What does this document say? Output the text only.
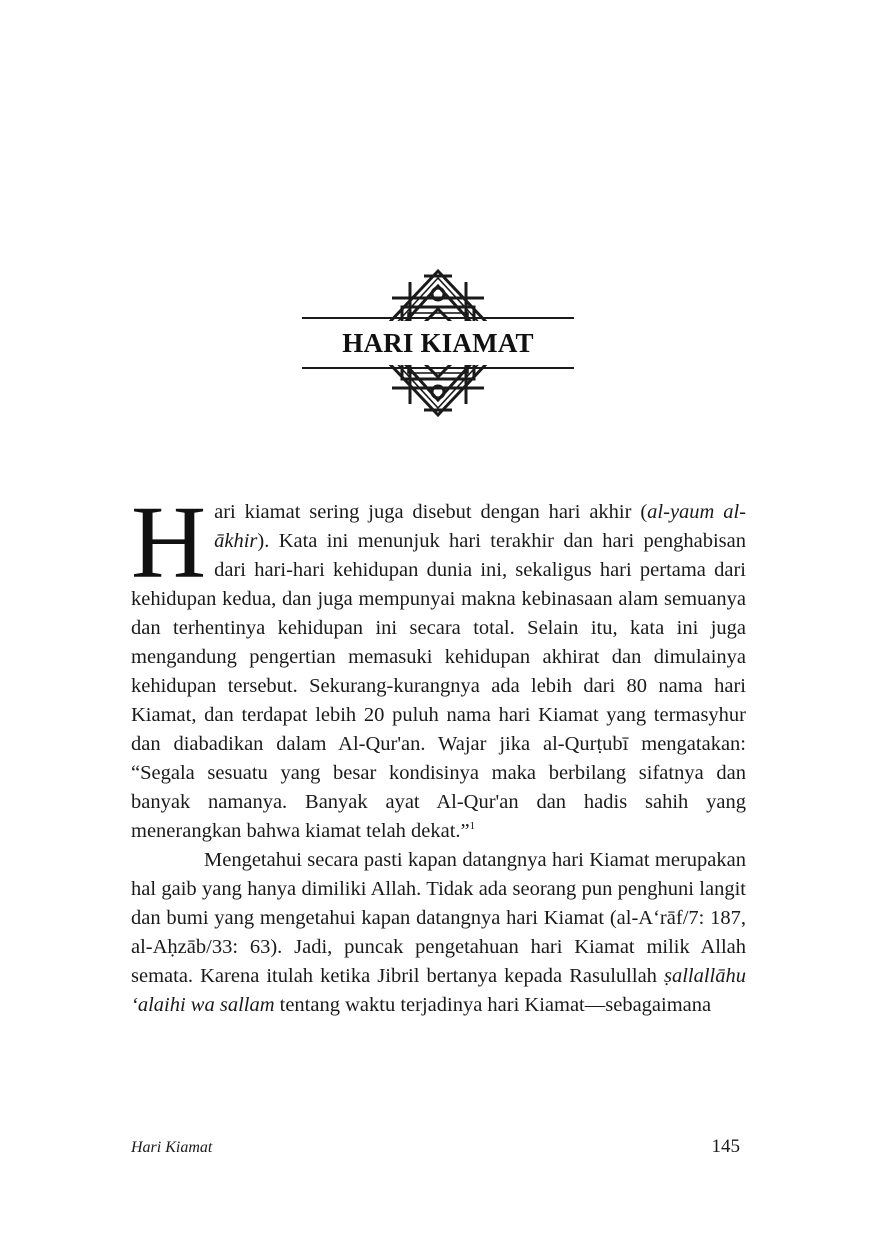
HARI KIAMAT

Hari kiamat sering juga disebut dengan hari akhir (al-yaum al-ākhir). Kata ini menunjuk hari terakhir dan hari penghabisan dari hari-hari kehidupan dunia ini, sekaligus hari pertama dari kehidupan kedua, dan juga mempunyai makna kebinasaan alam semuanya dan terhentinya kehidupan ini secara total. Selain itu, kata ini juga mengandung pengertian memasuki kehidupan akhirat dan dimulainya kehidupan tersebut. Sekurang-kurangnya ada lebih dari 80 nama hari Kiamat, dan terdapat lebih 20 puluh nama hari Kiamat yang termasyhur dan diabadikan dalam Al-Qur'an. Wajar jika al-Qurṭubī mengatakan: “Segala sesuatu yang besar kondisinya maka berbilang sifatnya dan banyak namanya. Banyak ayat Al-Qur'an dan hadis sahih yang menerangkan bahwa kiamat telah dekat.”$^1$

Mengetahui secara pasti kapan datangnya hari Kiamat merupakan hal gaib yang hanya dimiliki Allah. Tidak ada seorang pun penghuni langit dan bumi yang mengetahui kapan datangnya hari Kiamat (al-A‘rāf/7: 187, al-Aḥzāb/33: 63). Jadi, puncak pengetahuan hari Kiamat milik Allah semata. Karena itulah ketika Jibril bertanya kepada Rasulullah ṣallallāhu ‘alaihi wa sallam tentang waktu terjadinya hari Kiamat—sebagaimana

Hari Kiamat	145
